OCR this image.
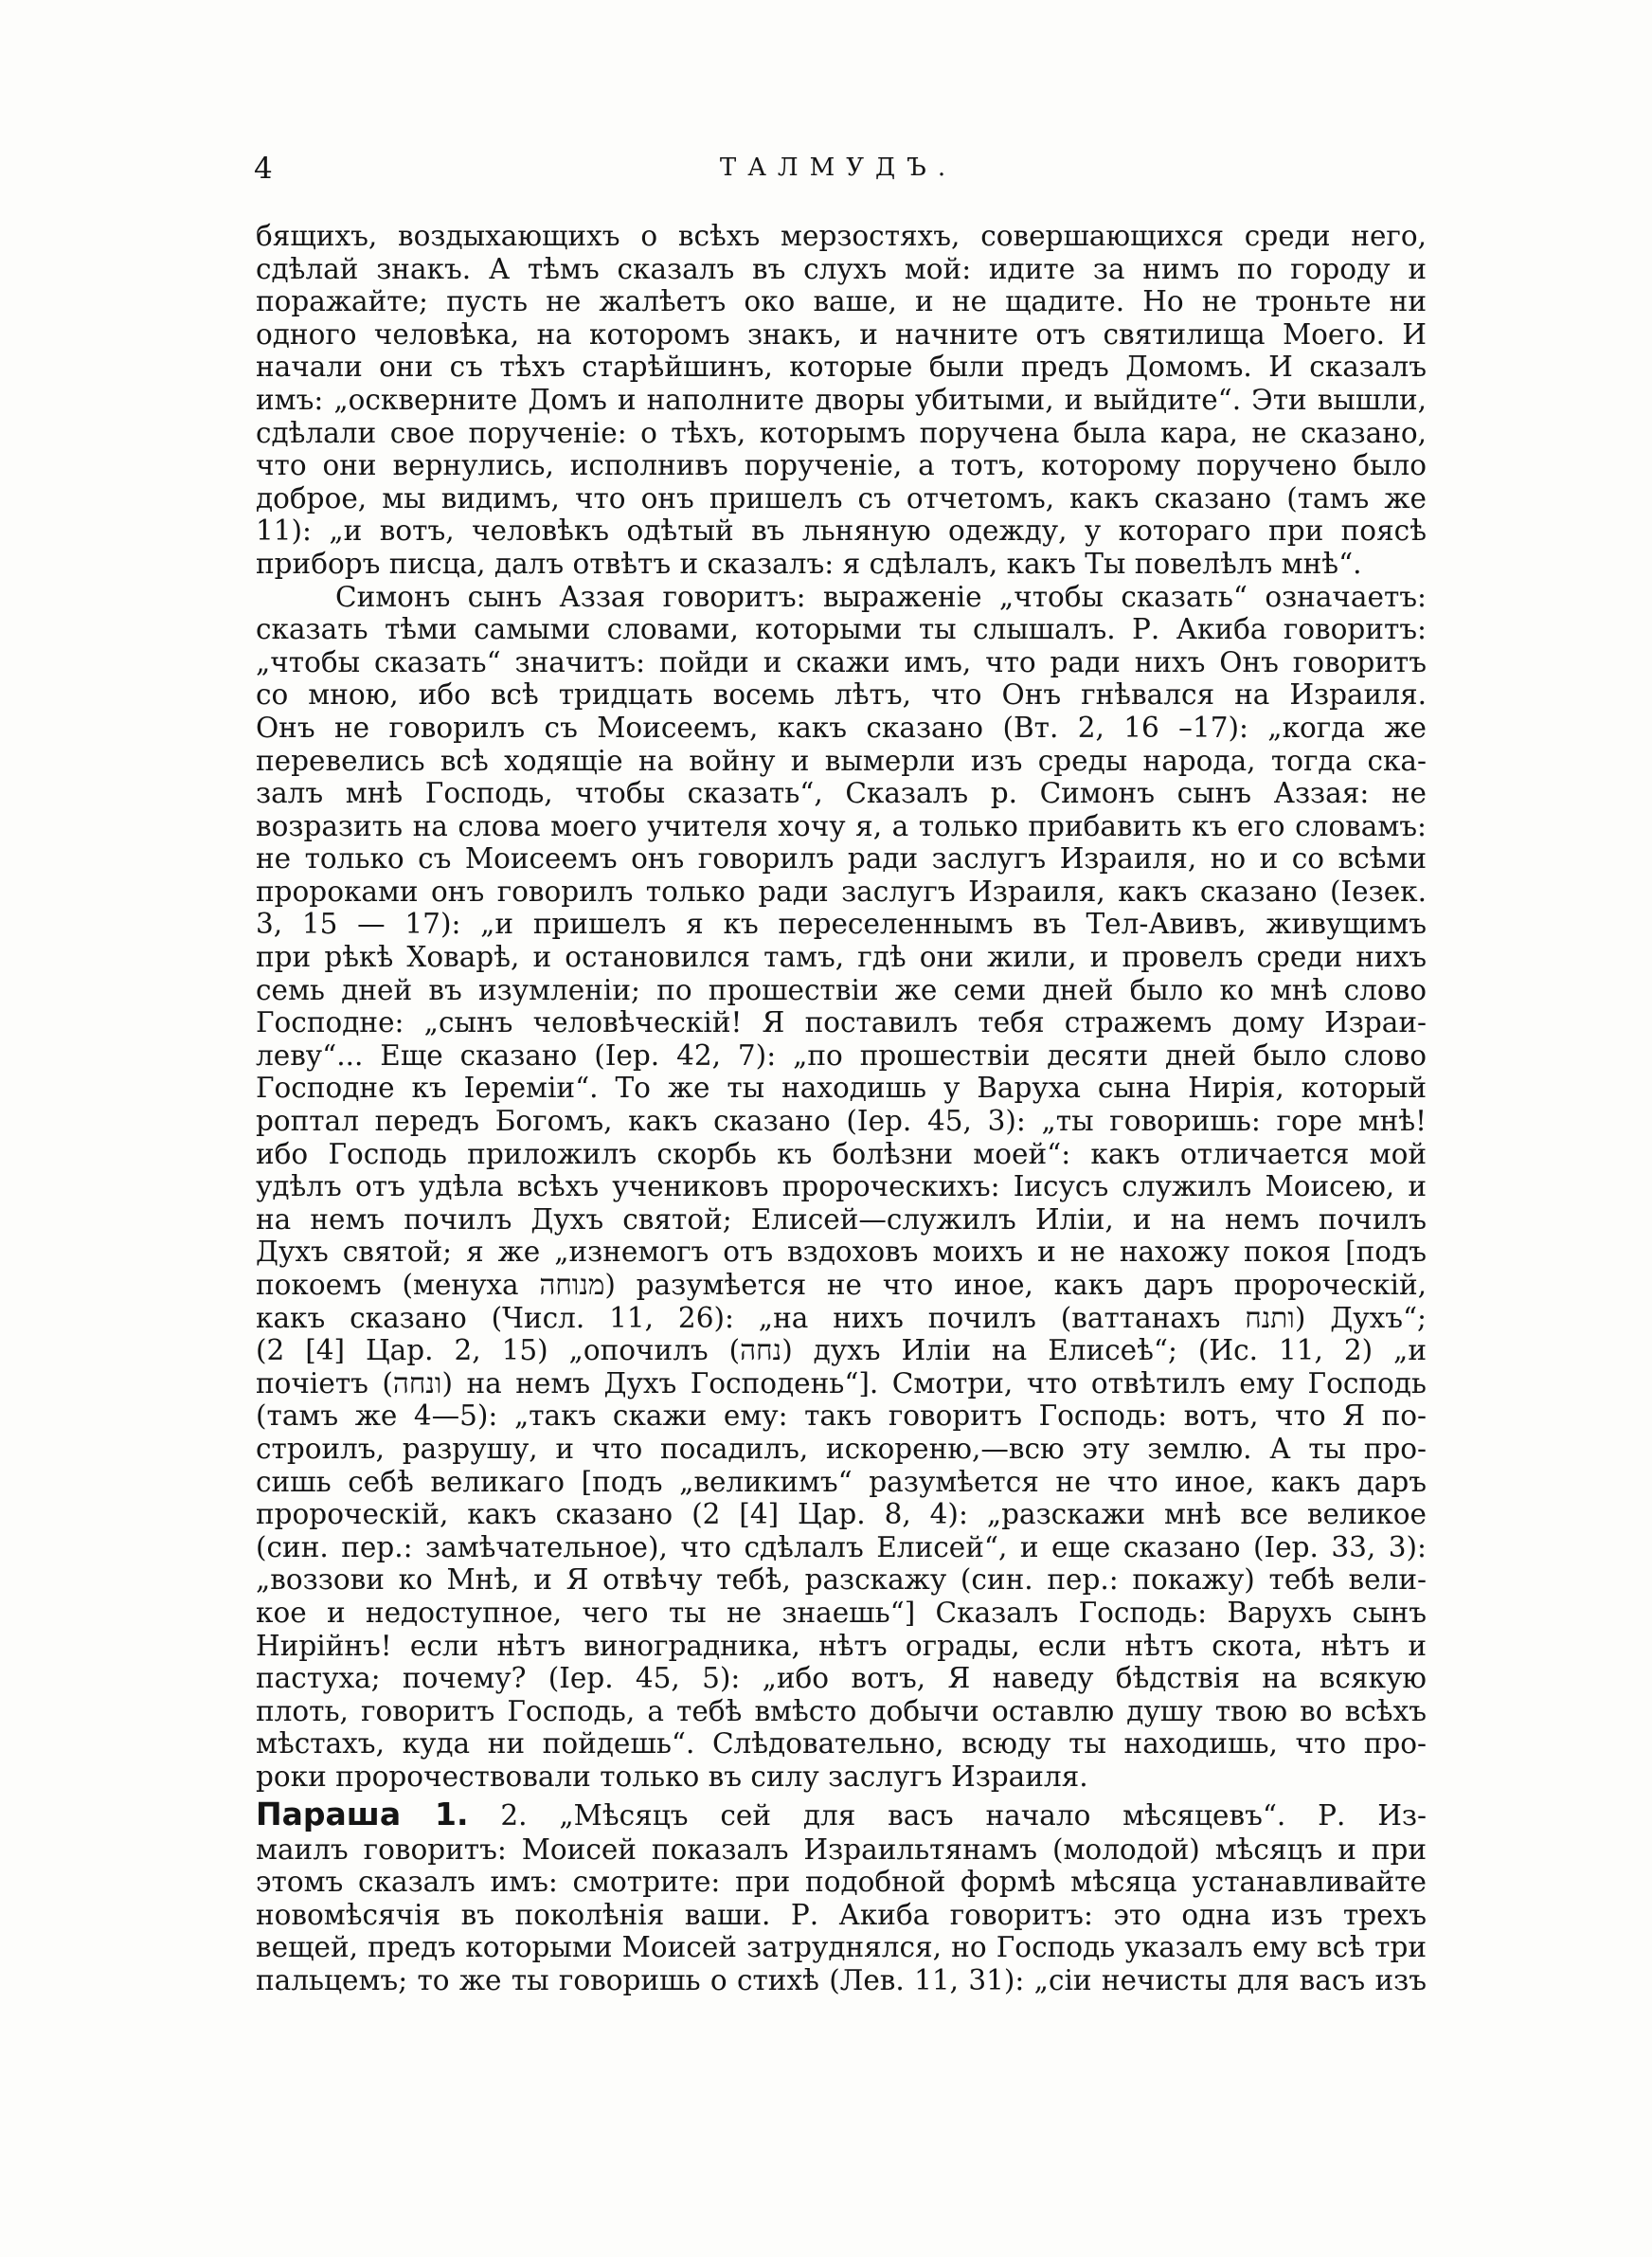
4	ТАЛМУДЪ.
бящихъ, воздыхающихъ о всѣхъ мерзостяхъ, совершающихся среди него,
сдѣлай знакъ. А тѣмъ сказалъ въ слухъ мой: идите за нимъ по городу и
поражайте; пусть не жалѣетъ око ваше, и не щадите. Но не троньте ни
одного человѣка, на которомъ знакъ, и начните отъ святилища Моего. И
начали они съ тѣхъ старѣйшинъ, которые были предъ Домомъ. И сказалъ
имъ: „оскверните Домъ и наполните дворы убитыми, и выйдите“. Эти вышли,
сдѣлали свое порученіе: о тѣхъ, которымъ поручена была кара, не сказано,
что они вернулись, исполнивъ порученіе, а тотъ, которому поручено было
доброе, мы видимъ, что онъ пришелъ съ отчетомъ, какъ сказано (тамъ же
11): „и вотъ, человѣкъ одѣтый въ льняную одежду, у котораго при поясѣ
приборъ писца, далъ отвѣтъ и сказалъ: я сдѣлалъ, какъ Ты повелѣлъ мнѣ“.
Симонъ сынъ Аззая говоритъ: выраженіе „чтобы сказать“ означаетъ:
сказать тѣми самыми словами, которыми ты слышалъ. Р. Акиба говоритъ:
„чтобы сказать“ значитъ: пойди и скажи имъ, что ради нихъ Онъ говоритъ
со мною, ибо всѣ тридцать восемь лѣтъ, что Онъ гнѣвался на Израиля.
Онъ не говорилъ съ Моисеемъ, какъ сказано (Вт. 2, 16 –17): „когда же
перевелись всѣ ходящіе на войну и вымерли изъ среды народа, тогда ска-
залъ мнѣ Господь, чтобы сказать“, Сказалъ р. Симонъ сынъ Аззая: не
возразить на слова моего учителя хочу я, а только прибавить къ его словамъ:
не только съ Моисеемъ онъ говорилъ ради заслугъ Израиля, но и со всѣми
пророками онъ говорилъ только ради заслугъ Израиля, какъ сказано (Іезек.
3, 15 — 17): „и пришелъ я къ переселеннымъ въ Тел-Авивъ, живущимъ
при рѣкѣ Ховарѣ, и остановился тамъ, гдѣ они жили, и провелъ среди нихъ
семь дней въ изумленіи; по прошествіи же семи дней было ко мнѣ слово
Господне: „сынъ человѣческій! Я поставилъ тебя стражемъ дому Израи-
леву“... Еще сказано (Іер. 42, 7): „по прошествіи десяти дней было слово
Господне къ Іереміи“. То же ты находишь у Варуха сына Нирія, который
роптал передъ Богомъ, какъ сказано (Іер. 45, 3): „ты говоришь: горе мнѣ!
ибо Господь приложилъ скорбь къ болѣзни моей“: какъ отличается мой
удѣлъ отъ удѣла всѣхъ учениковъ пророческихъ: Іисусъ служилъ Моисею, и
на немъ почилъ Духъ святой; Елисей—служилъ Иліи, и на немъ почилъ
Духъ святой; я же „изнемогъ отъ вздоховъ моихъ и не нахожу покоя [подъ
покоемъ (менуха מנוחה) разумѣется не что иное, какъ даръ пророческій,
какъ сказано (Числ. 11, 26): „на нихъ почилъ (ваттанахъ ותנח) Духъ“;
(2 [4] Цар. 2, 15) „опочилъ (נחה) духъ Иліи на Елисеѣ“; (Ис. 11, 2) „и
почіетъ (ונחה) на немъ Духъ Господень“]. Смотри, что отвѣтилъ ему Господь
(тамъ же 4—5): „такъ скажи ему: такъ говоритъ Господь: вотъ, что Я по-
строилъ, разрушу, и что посадилъ, искореню,—всю эту землю. А ты про-
сишь себѣ великаго [подъ „великимъ“ разумѣется не что иное, какъ даръ
пророческій, какъ сказано (2 [4] Цар. 8, 4): „разскажи мнѣ все великое
(син. пер.: замѣчательное), что сдѣлалъ Елисей“, и еще сказано (Іер. 33, 3):
„воззови ко Мнѣ, и Я отвѣчу тебѣ, разскажу (син. пер.: покажу) тебѣ вели-
кое и недоступное, чего ты не знаешь“] Сказалъ Господь: Варухъ сынъ
Нирійнъ! если нѣтъ виноградника, нѣтъ ограды, если нѣтъ скота, нѣтъ и
пастуха; почему? (Іер. 45, 5): „ибо вотъ, Я наведу бѣдствія на всякую
плоть, говоритъ Господь, а тебѣ вмѣсто добычи оставлю душу твою во всѣхъ
мѣстахъ, куда ни пойдешь“. Слѣдовательно, всюду ты находишь, что про-
роки пророчествовали только въ силу заслугъ Израиля.
Параша 1. 2. „Мѣсяцъ сей для васъ начало мѣсяцевъ“. Р. Из-
маилъ говоритъ: Моисей показалъ Израильтянамъ (молодой) мѣсяцъ и при
этомъ сказалъ имъ: смотрите: при подобной формѣ мѣсяца устанавливайте
новомѣсячія въ поколѣнія ваши. Р. Акиба говоритъ: это одна изъ трехъ
вещей, предъ которыми Моисей затруднялся, но Господь указалъ ему всѣ три
пальцемъ; то же ты говоришь о стихѣ (Лев. 11, 31): „сіи нечисты для васъ изъ
